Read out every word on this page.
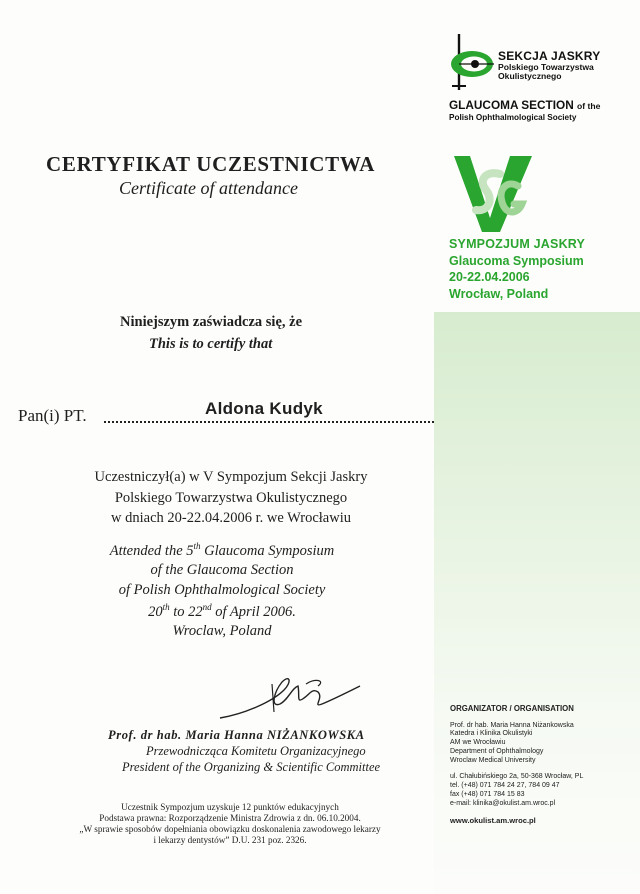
SEKCJA JASKRY
Polskiego Towarzystwa
Okulistycznego
GLAUCOMA SECTION of the
Polish Ophthalmological Society
SYMPOZJUM JASKRY
Glaucoma Symposium
20-22.04.2006
Wrocław, Poland
CERTYFIKAT UCZESTNICTWA
Certificate of attendance
Niniejszym zaświadcza się, że
This is to certify that
Pan(i) PT.	Aldona Kudyk
Uczestniczył(a) w V Sympozjum Sekcji Jaskry
Polskiego Towarzystwa Okulistycznego
w dniach 20-22.04.2006 r. we Wrocławiu
Attended the 5th Glaucoma Symposium
of the Glaucoma Section
of Polish Ophthalmological Society
20th to 22nd of April 2006.
Wroclaw, Poland
Prof. dr hab. Maria Hanna NIŻANKOWSKA
Przewodnicząca Komitetu Organizacyjnego
President of the Organizing & Scientific Committee
Uczestnik Sympozjum uzyskuje 12 punktów edukacyjnych
Podstawa prawna: Rozporządzenie Ministra Zdrowia z dn. 06.10.2004.
„W sprawie sposobów dopełniania obowiązku doskonalenia zawodowego lekarzy
i lekarzy dentystów” D.U. 231 poz. 2326.
ORGANIZATOR / ORGANISATION
Prof. dr hab. Maria Hanna Niżankowska
Katedra i Klinika Okulistyki
AM we Wrocławiu
Department of Ophthalmology
Wroclaw Medical University
ul. Chałubińskiego 2a, 50-368 Wrocław, PL
tel. (+48) 071 784 24 27, 784 09 47
fax (+48) 071 784 15 83
e-mail: klinika@okulist.am.wroc.pl
www.okulist.am.wroc.pl
